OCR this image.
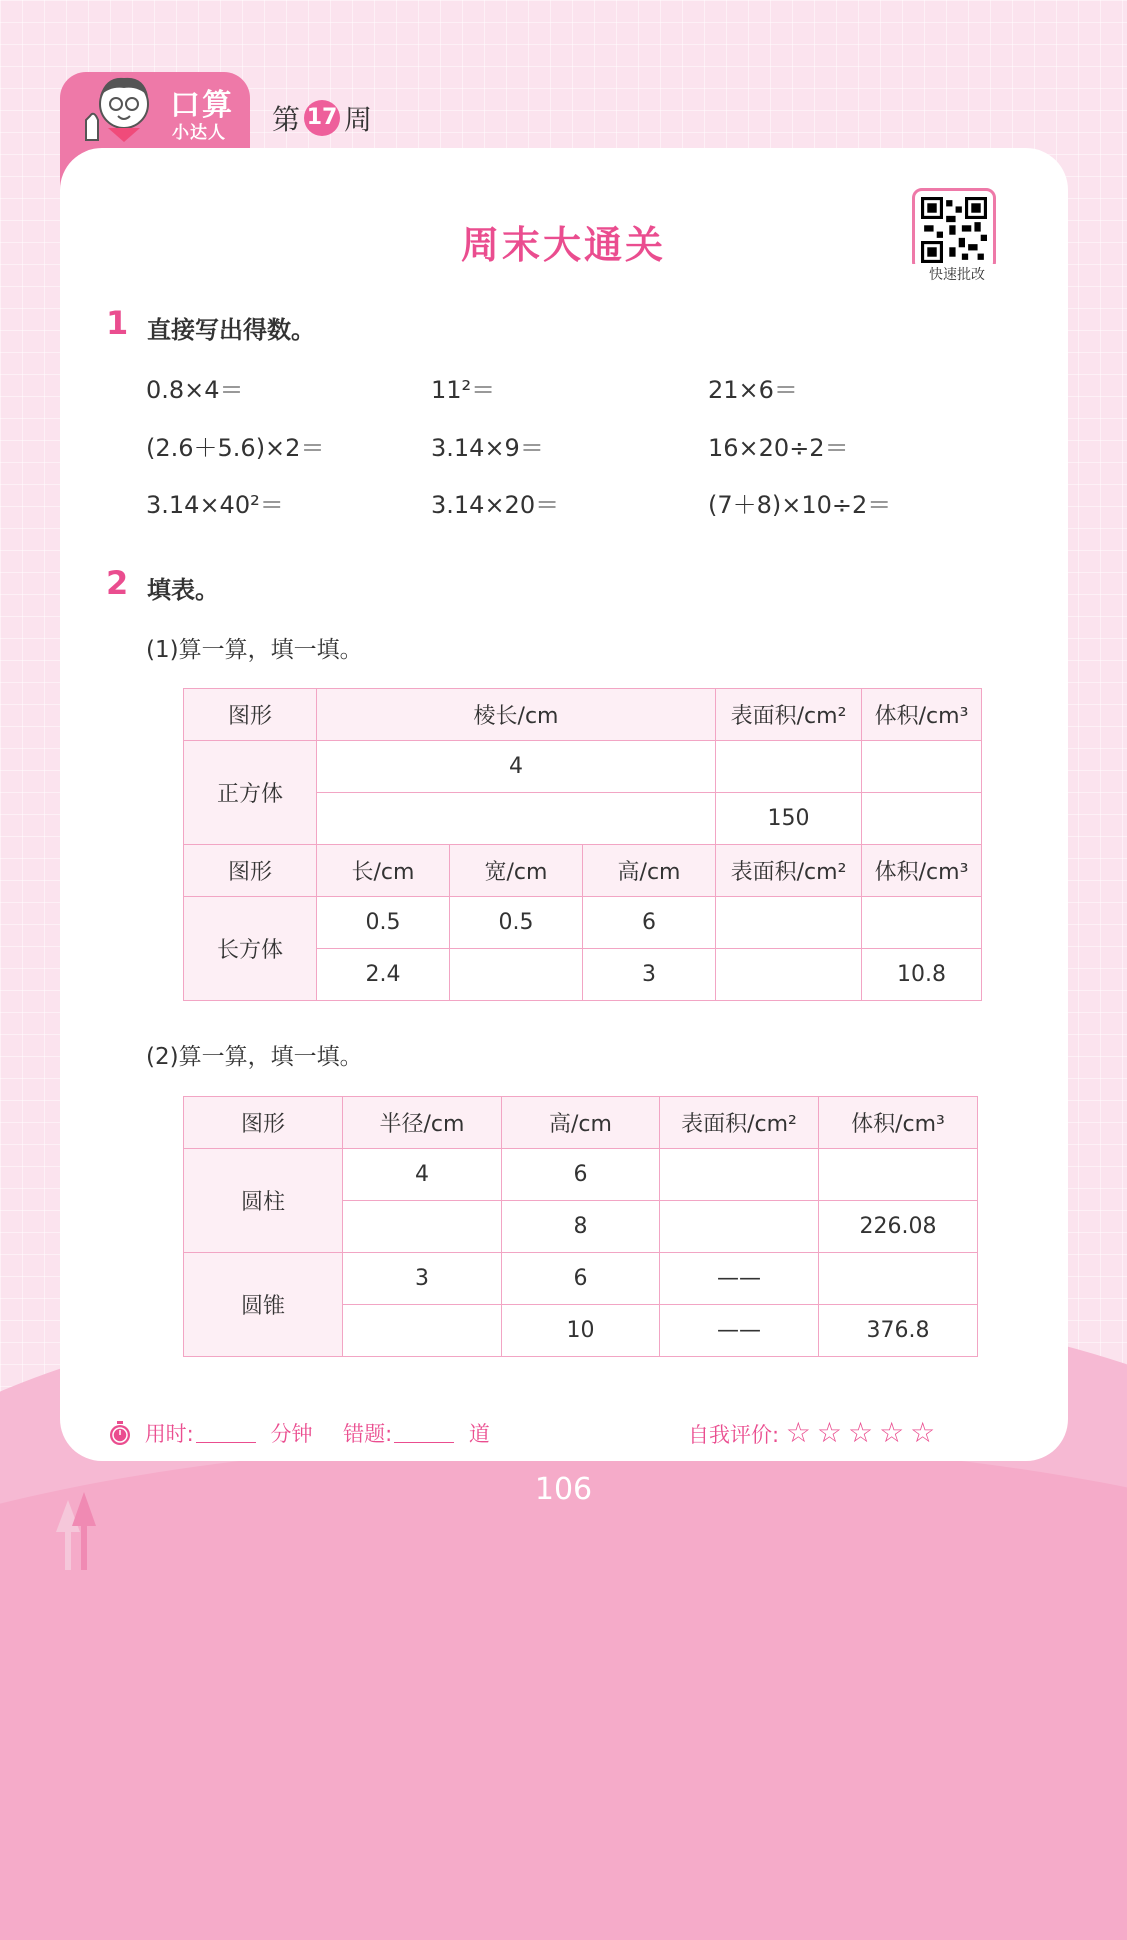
口算
小达人 第 17 周
周末大通关
快速批改
1 直接写出得数。
0.8×4＝	11²＝	21×6＝
(2.6＋5.6)×2＝	3.14×9＝	16×20÷2＝
3.14×40²＝	3.14×20＝	(7＋8)×10÷2＝
2 填表。
(1)算一算，填一填。
图形	棱长/cm			表面积/cm²	体积/cm³
正方体	4				
				150	
图形	长/cm	宽/cm	高/cm	表面积/cm²	体积/cm³
长方体	0.5	0.5	6		
	2.4		3		10.8
(2)算一算，填一填。
图形	半径/cm	高/cm	表面积/cm²	体积/cm³
圆柱	4	6		
		8		226.08
圆锥	3	6	——	
		10	——	376.8
用时:	分钟 错题:	道	自我评价: ☆☆☆☆☆
106
